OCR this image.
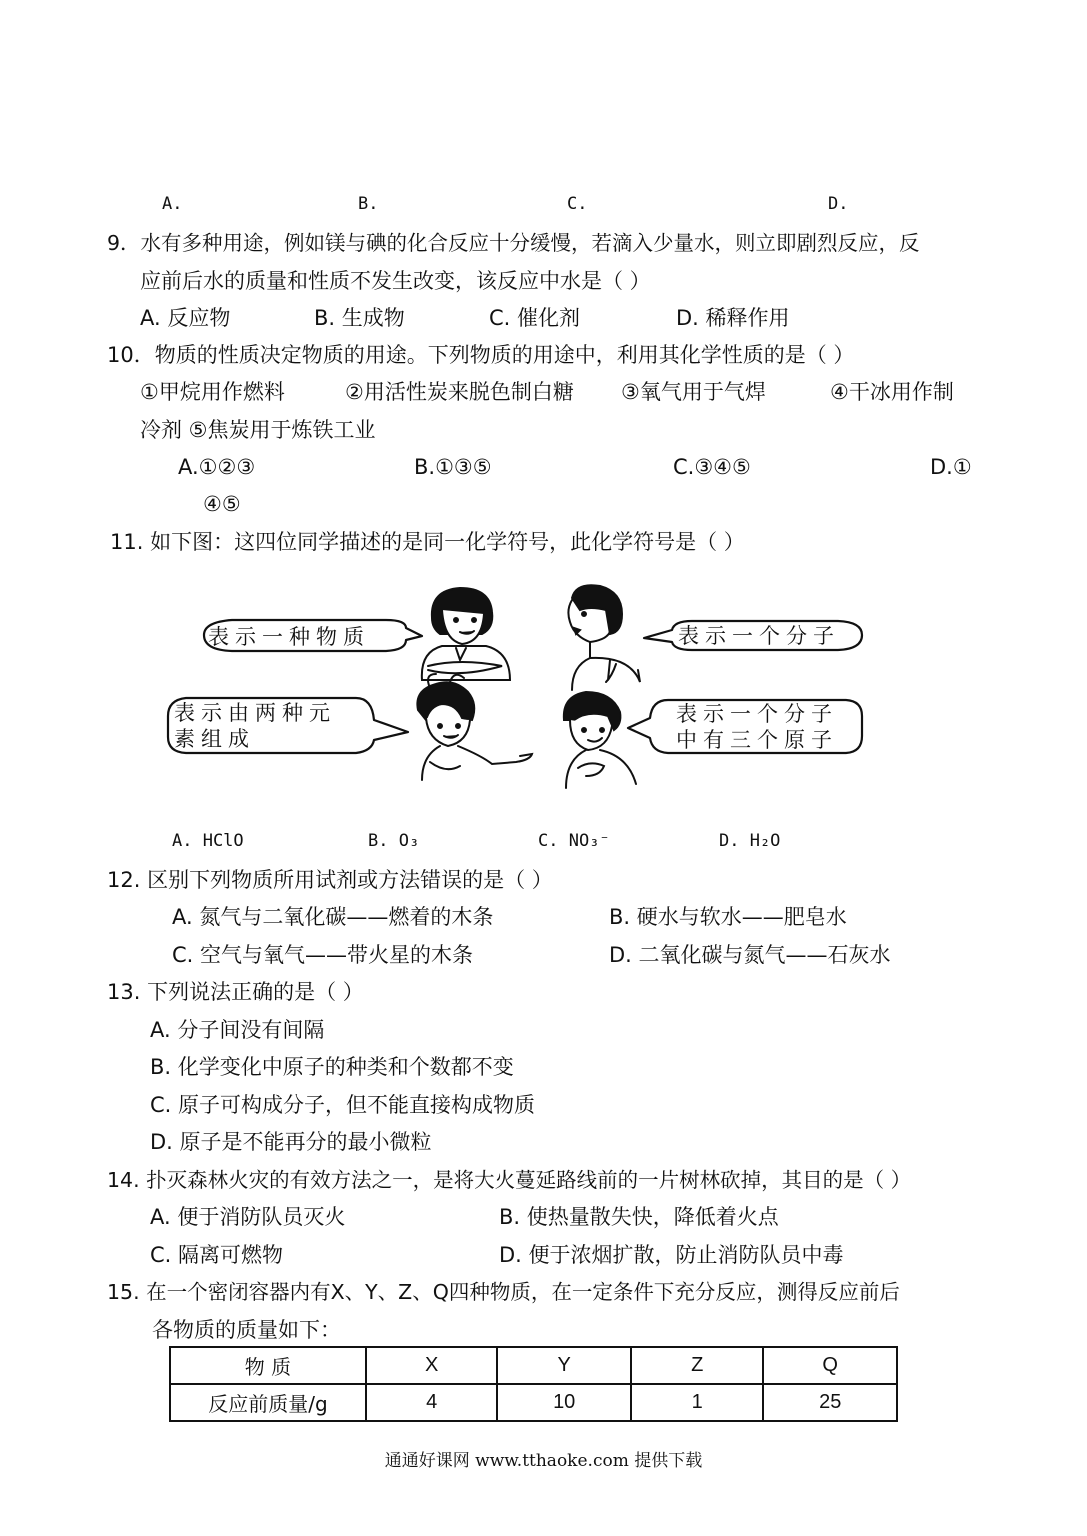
A.	B.	C.	D.
9．水有多种用途，例如镁与碘的化合反应十分缓慢，若滴入少量水，则立即剧烈反应，反
应前后水的质量和性质不发生改变，该反应中水是（ ）
A. 反应物	B. 生成物	C. 催化剂	D. 稀释作用
10．物质的性质决定物质的用途。下列物质的用途中，利用其化学性质的是（ ）
①甲烷用作燃料	②用活性炭来脱色制白糖 ③氧气用于气焊	④干冰用作制
冷剂 ⑤焦炭用于炼铁工业
A.①②③	B.①③⑤	C.③④⑤	D.①
④⑤
11. 如下图：这四位同学描述的是同一化学符号，此化学符号是（ ）
表示一种物质	表示一个分子
表示由两种元
素组成
表示一个分子
中有三个原子
A. HClO	B. O₃	C. NO₃⁻	D. H₂O
12. 区别下列物质所用试剂或方法错误的是（ ）
A. 氮气与二氧化碳——燃着的木条	B. 硬水与软水——肥皂水
C. 空气与氧气——带火星的木条	D. 二氧化碳与氮气——石灰水
13. 下列说法正确的是（ ）
A. 分子间没有间隔
B. 化学变化中原子的种类和个数都不变
C. 原子可构成分子，但不能直接构成物质
D. 原子是不能再分的最小微粒
14. 扑灭森林火灾的有效方法之一，是将大火蔓延路线前的一片树林砍掉，其目的是（ ）
A. 便于消防队员灭火	B. 使热量散失快，降低着火点
C. 隔离可燃物	D. 便于浓烟扩散，防止消防队员中毒
15. 在一个密闭容器内有X、Y、Z、Q四种物质，在一定条件下充分反应，测得反应前后
各物质的质量如下：
物 质	X	Y	Z	Q
反应前质量/g	4	10	1	25
通通好课网 www.tthaoke.com 提供下载
